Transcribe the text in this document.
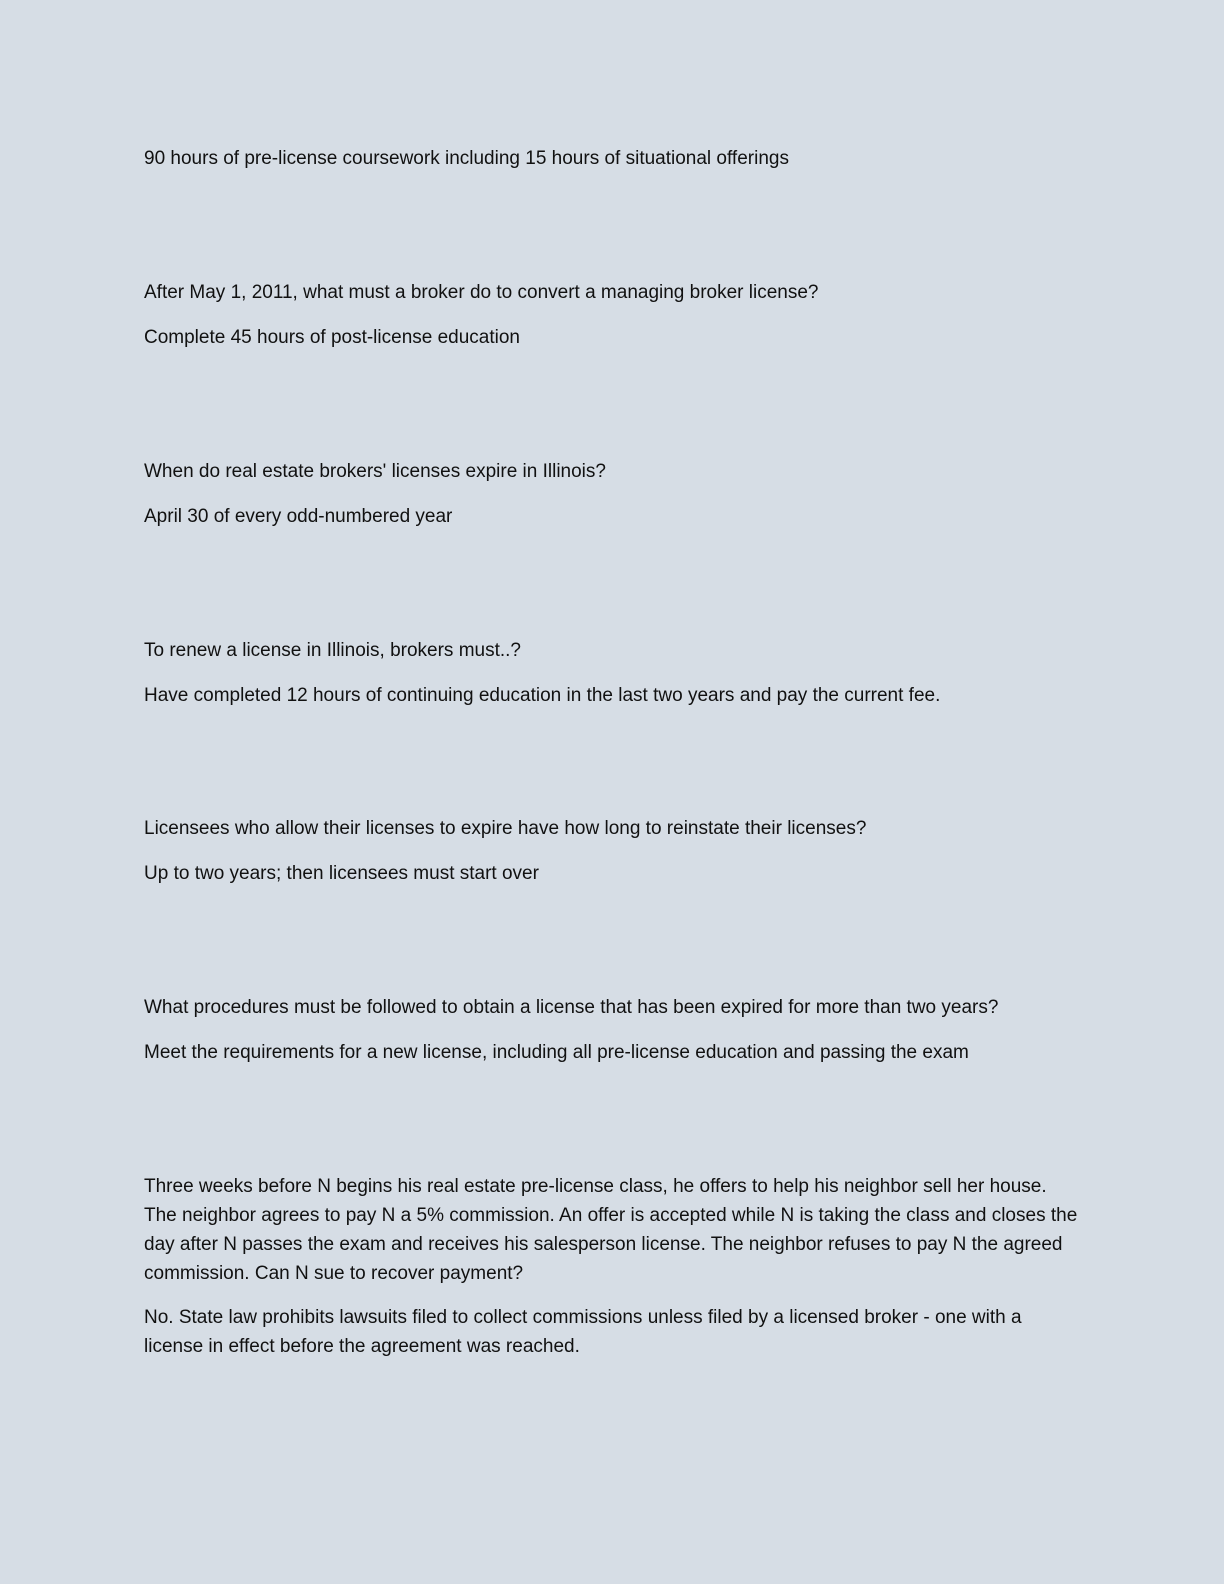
90 hours of pre-license coursework including 15 hours of situational offerings
After May 1, 2011, what must a broker do to convert a managing broker license?
Complete 45 hours of post-license education
When do real estate brokers' licenses expire in Illinois?
April 30 of every odd-numbered year
To renew a license in Illinois, brokers must..?
Have completed 12 hours of continuing education in the last two years and pay the current fee.
Licensees who allow their licenses to expire have how long to reinstate their licenses?
Up to two years; then licensees must start over
What procedures must be followed to obtain a license that has been expired for more than two years?
Meet the requirements for a new license, including all pre-license education and passing the exam
Three weeks before N begins his real estate pre-license class, he offers to help his neighbor sell her house. The neighbor agrees to pay N a 5% commission. An offer is accepted while N is taking the class and closes the day after N passes the exam and receives his salesperson license. The neighbor refuses to pay N the agreed commission. Can N sue to recover payment?
No. State law prohibits lawsuits filed to collect commissions unless filed by a licensed broker - one with a license in effect before the agreement was reached.
